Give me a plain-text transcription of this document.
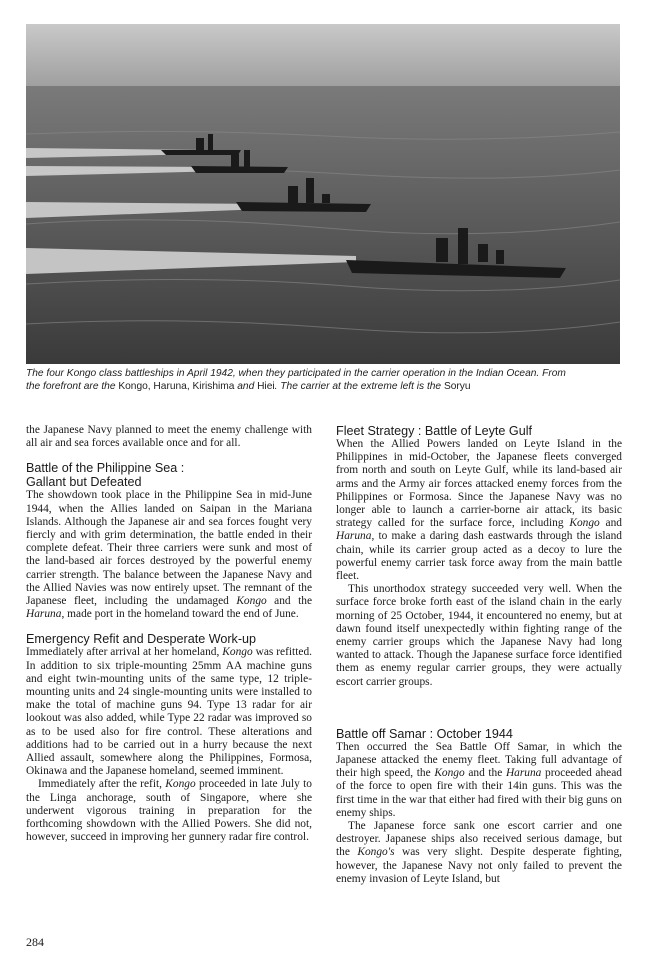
The four Kongo class battleships in April 1942, when they participated in the carrier operation in the Indian Ocean. From
the forefront are the Kongo, Haruna, Kirishima and Hiei. The carrier at the extreme left is the Soryu

the Japanese Navy planned to meet the enemy challenge with all air and sea forces available once and for all.

Battle of the Philippine Sea :
Gallant but Defeated

The showdown took place in the Philippine Sea in mid-June 1944, when the Allies landed on Saipan in the Mariana Islands. Although the Japanese air and sea forces fought very fiercly and with grim determination, the battle ended in their complete defeat. Their three carriers were sunk and most of the land-based air forces destroyed by the powerful enemy carrier strength. The balance between the Japanese Navy and the Allied Navies was now entirely upset. The remnant of the Japanese fleet, including the undamaged Kongo and the Haruna, made port in the homeland toward the end of June.

Emergency Refit and Desperate Work-up

Immediately after arrival at her homeland, Kongo was refitted. In addition to six triple-mounting 25mm AA machine guns and eight twin-mounting units of the same type, 12 triple-mounting units and 24 single-mounting units were installed to make the total of machine guns 94. Type 13 radar for air lookout was also added, while Type 22 radar was improved so as to be used also for fire control. These alterations and additions had to be carried out in a hurry because the next Allied assault, somewhere along the Philippines, Formosa, Okinawa and the Japanese homeland, seemed imminent.

Immediately after the refit, Kongo proceeded in late July to the Linga anchorage, south of Singapore, where she underwent vigorous training in preparation for the forthcoming showdown with the Allied Powers. She did not, however, succeed in improving her gunnery radar fire control.

Fleet Strategy : Battle of Leyte Gulf

When the Allied Powers landed on Leyte Island in the Philippines in mid-October, the Japanese fleets converged from north and south on Leyte Gulf, while its land-based air arms and the Army air forces attacked enemy forces from the Philippines or Formosa. Since the Japanese Navy was no longer able to launch a carrier-borne air attack, its basic strategy called for the surface force, including Kongo and Haruna, to make a daring dash eastwards through the island chain, while its carrier group acted as a decoy to lure the powerful enemy carrier task force away from the main battle fleet.

This unorthodox strategy succeeded very well. When the surface force broke forth east of the island chain in the early morning of 25 October, 1944, it encountered no enemy, but at dawn found itself unexpectedly within fighting range of the enemy carrier groups which the Japanese Navy had long wanted to attack. Though the Japanese surface force identified them as enemy regular carrier groups, they were actually escort carrier groups.

Battle off Samar : October 1944

Then occurred the Sea Battle Off Samar, in which the Japanese attacked the enemy fleet. Taking full advantage of their high speed, the Kongo and the Haruna proceeded ahead of the force to open fire with their 14in guns. This was the first time in the war that either had fired with their big guns on enemy ships.

The Japanese force sank one escort carrier and one destroyer. Japanese ships also received serious damage, but the Kongo's was very slight. Despite desperate fighting, however, the Japanese Navy not only failed to prevent the enemy invasion of Leyte Island, but

284
